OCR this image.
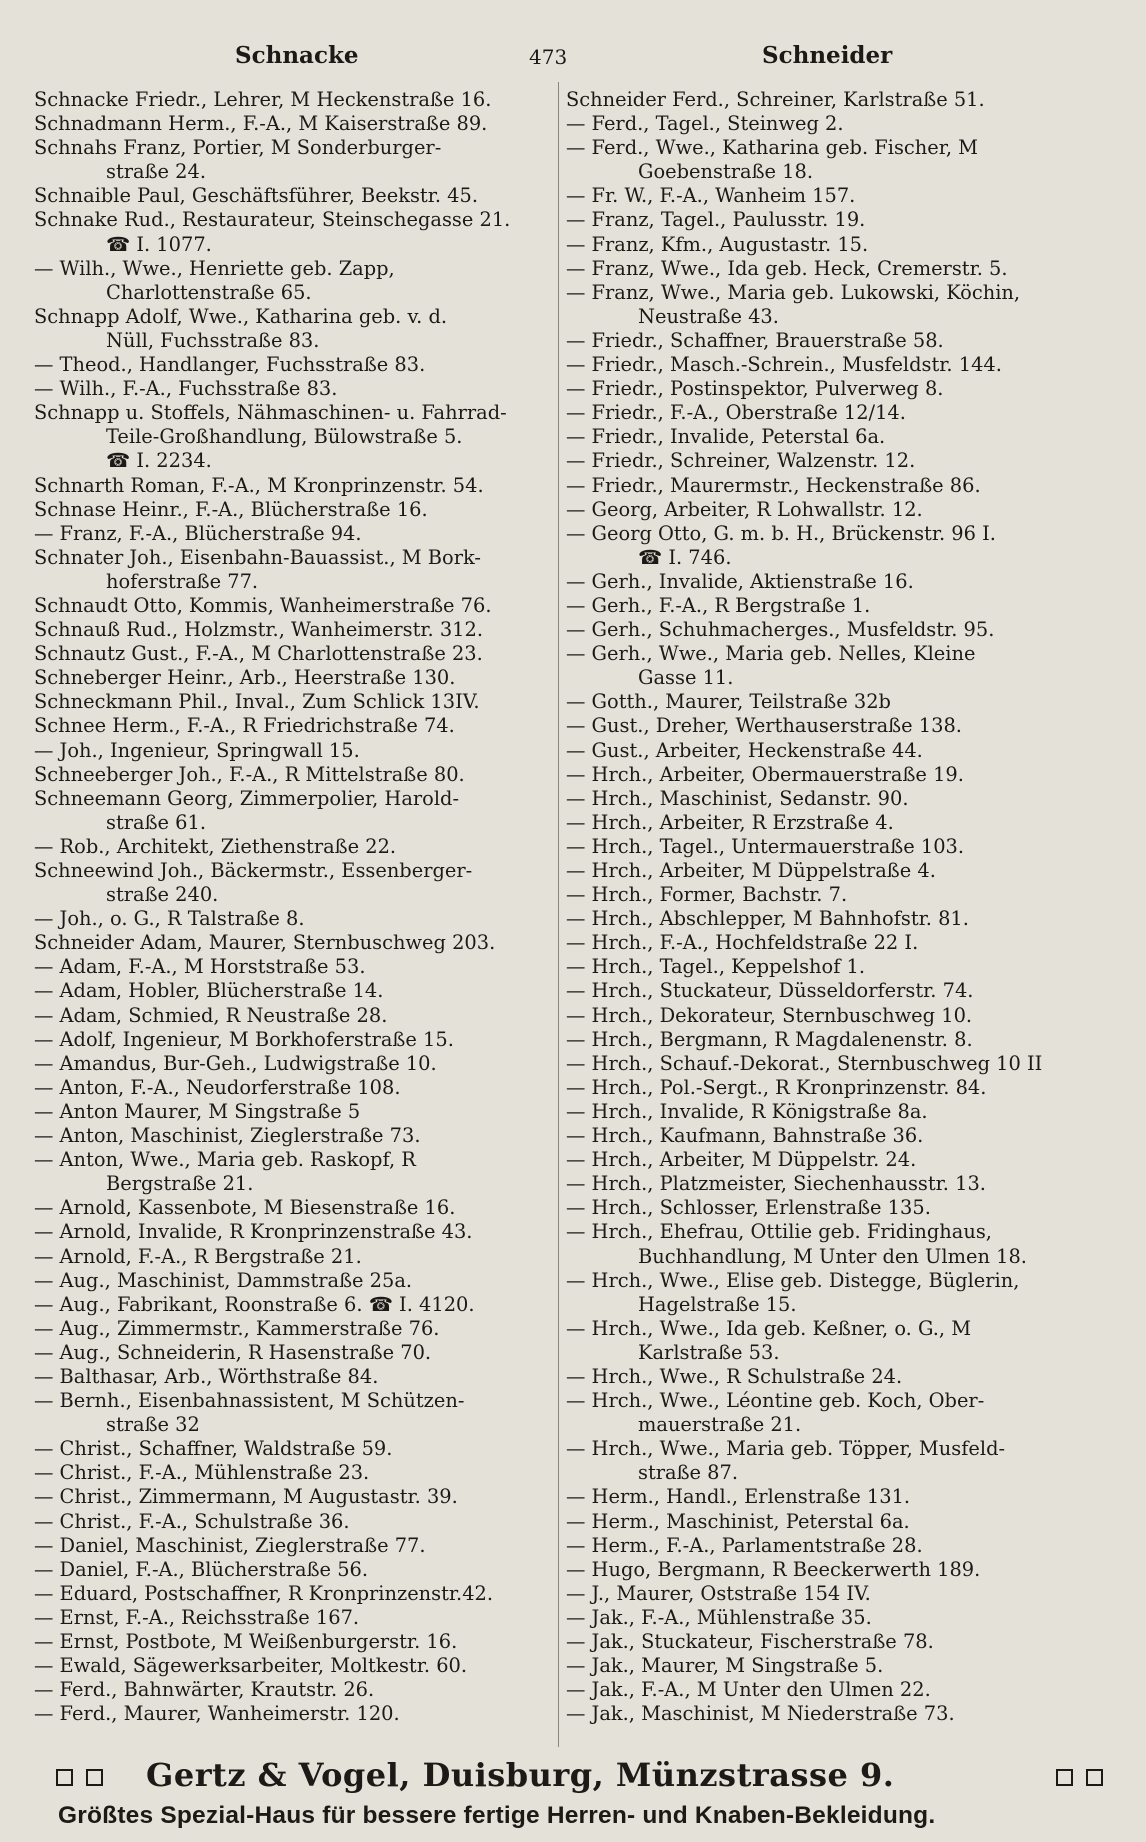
Schnacke	473	Schneider
Schnacke Friedr., Lehrer, M Heckenstraße 16.
Schnadmann Herm., F.-A., M Kaiserstraße 89.
Schnahs Franz, Portier, M Sonderburger-
straße 24.
Schnaible Paul, Geschäftsführer, Beekstr. 45.
Schnake Rud., Restaurateur, Steinschegasse 21.
☎ I. 1077.
— Wilh., Wwe., Henriette geb. Zapp,
Charlottenstraße 65.
Schnapp Adolf, Wwe., Katharina geb. v. d.
Nüll, Fuchsstraße 83.
— Theod., Handlanger, Fuchsstraße 83.
— Wilh., F.-A., Fuchsstraße 83.
Schnapp u. Stoffels, Nähmaschinen- u. Fahrrad-
Teile-Großhandlung, Bülowstraße 5.
☎ I. 2234.
Schnarth Roman, F.-A., M Kronprinzenstr. 54.
Schnase Heinr., F.-A., Blücherstraße 16.
— Franz, F.-A., Blücherstraße 94.
Schnater Joh., Eisenbahn-Bauassist., M Bork-
hoferstraße 77.
Schnaudt Otto, Kommis, Wanheimerstraße 76.
Schnauß Rud., Holzmstr., Wanheimerstr. 312.
Schnautz Gust., F.-A., M Charlottenstraße 23.
Schneberger Heinr., Arb., Heerstraße 130.
Schneckmann Phil., Inval., Zum Schlick 13IV.
Schnee Herm., F.-A., R Friedrichstraße 74.
— Joh., Ingenieur, Springwall 15.
Schneeberger Joh., F.-A., R Mittelstraße 80.
Schneemann Georg, Zimmerpolier, Harold-
straße 61.
— Rob., Architekt, Ziethenstraße 22.
Schneewind Joh., Bäckermstr., Essenberger-
straße 240.
— Joh., o. G., R Talstraße 8.
Schneider Adam, Maurer, Sternbuschweg 203.
— Adam, F.-A., M Horststraße 53.
— Adam, Hobler, Blücherstraße 14.
— Adam, Schmied, R Neustraße 28.
— Adolf, Ingenieur, M Borkhoferstraße 15.
— Amandus, Bur-Geh., Ludwigstraße 10.
— Anton, F.-A., Neudorferstraße 108.
— Anton Maurer, M Singstraße 5
— Anton, Maschinist, Zieglerstraße 73.
— Anton, Wwe., Maria geb. Raskopf, R
Bergstraße 21.
— Arnold, Kassenbote, M Biesenstraße 16.
— Arnold, Invalide, R Kronprinzenstraße 43.
— Arnold, F.-A., R Bergstraße 21.
— Aug., Maschinist, Dammstraße 25a.
— Aug., Fabrikant, Roonstraße 6. ☎ I. 4120.
— Aug., Zimmermstr., Kammerstraße 76.
— Aug., Schneiderin, R Hasenstraße 70.
— Balthasar, Arb., Wörthstraße 84.
— Bernh., Eisenbahnassistent, M Schützen-
straße 32
— Christ., Schaffner, Waldstraße 59.
— Christ., F.-A., Mühlenstraße 23.
— Christ., Zimmermann, M Augustastr. 39.
— Christ., F.-A., Schulstraße 36.
— Daniel, Maschinist, Zieglerstraße 77.
— Daniel, F.-A., Blücherstraße 56.
— Eduard, Postschaffner, R Kronprinzenstr.42.
— Ernst, F.-A., Reichsstraße 167.
— Ernst, Postbote, M Weißenburgerstr. 16.
— Ewald, Sägewerksarbeiter, Moltkestr. 60.
— Ferd., Bahnwärter, Krautstr. 26.
— Ferd., Maurer, Wanheimerstr. 120.
Schneider Ferd., Schreiner, Karlstraße 51.
— Ferd., Tagel., Steinweg 2.
— Ferd., Wwe., Katharina geb. Fischer, M
Goebenstraße 18.
— Fr. W., F.-A., Wanheim 157.
— Franz, Tagel., Paulusstr. 19.
— Franz, Kfm., Augustastr. 15.
— Franz, Wwe., Ida geb. Heck, Cremerstr. 5.
— Franz, Wwe., Maria geb. Lukowski, Köchin,
Neustraße 43.
— Friedr., Schaffner, Brauerstraße 58.
— Friedr., Masch.-Schrein., Musfeldstr. 144.
— Friedr., Postinspektor, Pulverweg 8.
— Friedr., F.-A., Oberstraße 12/14.
— Friedr., Invalide, Peterstal 6a.
— Friedr., Schreiner, Walzenstr. 12.
— Friedr., Maurermstr., Heckenstraße 86.
— Georg, Arbeiter, R Lohwallstr. 12.
— Georg Otto, G. m. b. H., Brückenstr. 96 I.
☎ I. 746.
— Gerh., Invalide, Aktienstraße 16.
— Gerh., F.-A., R Bergstraße 1.
— Gerh., Schuhmacherges., Musfeldstr. 95.
— Gerh., Wwe., Maria geb. Nelles, Kleine
Gasse 11.
— Gotth., Maurer, Teilstraße 32b
— Gust., Dreher, Werthauserstraße 138.
— Gust., Arbeiter, Heckenstraße 44.
— Hrch., Arbeiter, Obermauerstraße 19.
— Hrch., Maschinist, Sedanstr. 90.
— Hrch., Arbeiter, R Erzstraße 4.
— Hrch., Tagel., Untermauerstraße 103.
— Hrch., Arbeiter, M Düppelstraße 4.
— Hrch., Former, Bachstr. 7.
— Hrch., Abschlepper, M Bahnhofstr. 81.
— Hrch., F.-A., Hochfeldstraße 22 I.
— Hrch., Tagel., Keppelshof 1.
— Hrch., Stuckateur, Düsseldorferstr. 74.
— Hrch., Dekorateur, Sternbuschweg 10.
— Hrch., Bergmann, R Magdalenenstr. 8.
— Hrch., Schauf.-Dekorat., Sternbuschweg 10 II
— Hrch., Pol.-Sergt., R Kronprinzenstr. 84.
— Hrch., Invalide, R Königstraße 8a.
— Hrch., Kaufmann, Bahnstraße 36.
— Hrch., Arbeiter, M Düppelstr. 24.
— Hrch., Platzmeister, Siechenhausstr. 13.
— Hrch., Schlosser, Erlenstraße 135.
— Hrch., Ehefrau, Ottilie geb. Fridinghaus,
Buchhandlung, M Unter den Ulmen 18.
— Hrch., Wwe., Elise geb. Distegge, Büglerin,
Hagelstraße 15.
— Hrch., Wwe., Ida geb. Keßner, o. G., M
Karlstraße 53.
— Hrch., Wwe., R Schulstraße 24.
— Hrch., Wwe., Léontine geb. Koch, Ober-
mauerstraße 21.
— Hrch., Wwe., Maria geb. Töpper, Musfeld-
straße 87.
— Herm., Handl., Erlenstraße 131.
— Herm., Maschinist, Peterstal 6a.
— Herm., F.-A., Parlamentstraße 28.
— Hugo, Bergmann, R Beeckerwerth 189.
— J., Maurer, Oststraße 154 IV.
— Jak., F.-A., Mühlenstraße 35.
— Jak., Stuckateur, Fischerstraße 78.
— Jak., Maurer, M Singstraße 5.
— Jak., F.-A., M Unter den Ulmen 22.
— Jak., Maschinist, M Niederstraße 73.
Gertz & Vogel, Duisburg, Münzstrasse 9.
Größtes Spezial-Haus für bessere fertige Herren- und Knaben-Bekleidung.
